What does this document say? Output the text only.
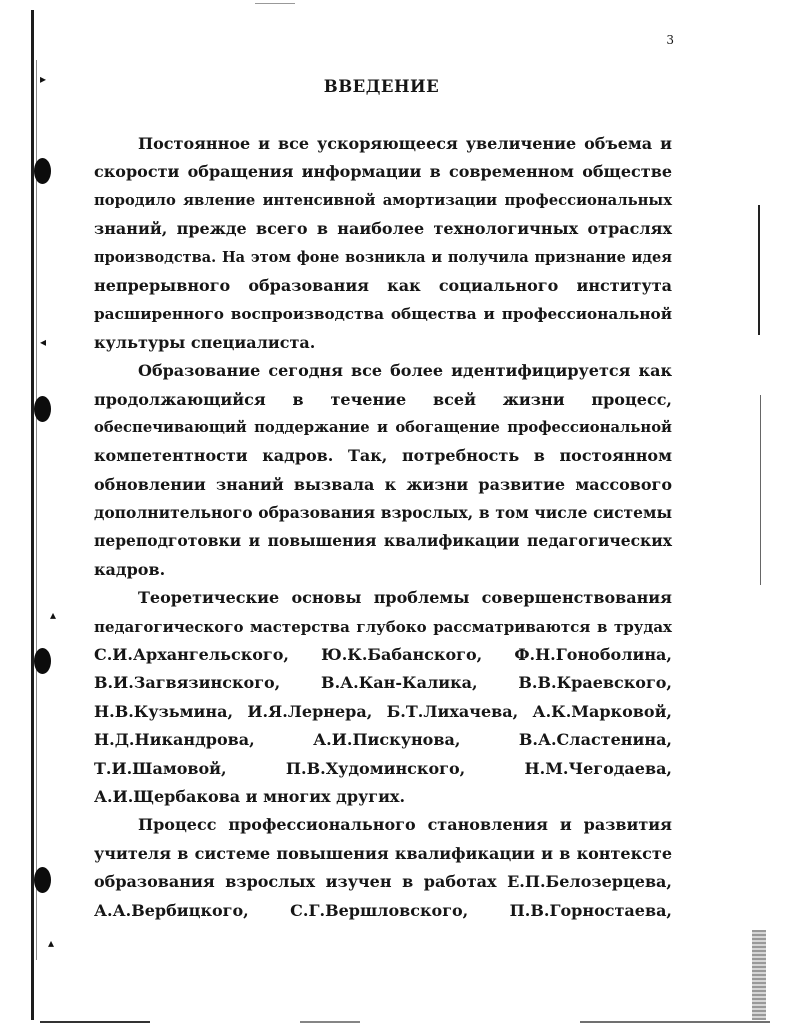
▸
◂
▴
▴
3
ВВЕДЕНИЕ

Постоянное и все ускоряющееся увеличение объема и
скорости обращения информации в современном обществе
породило явление интенсивной амортизации профессиональных
знаний, прежде всего в наиболее технологичных отраслях
производства. На этом фоне возникла и получила признание идея
непрерывного образования как социального института
расширенного воспроизводства общества и профессиональной
культуры специалиста.

Образование сегодня все более идентифицируется как
продолжающийся в течение всей жизни процесс,
обеспечивающий поддержание и обогащение профессиональной
компетентности кадров. Так, потребность в постоянном
обновлении знаний вызвала к жизни развитие массового
дополнительного образования взрослых, в том числе системы
переподготовки и повышения квалификации педагогических
кадров.

Теоретические основы проблемы совершенствования
педагогического мастерства глубоко рассматриваются в трудах
С.И.Архангельского, Ю.К.Бабанского, Ф.Н.Гоноболина,
В.И.Загвязинского, В.А.Кан-Калика, В.В.Краевского,
Н.В.Кузьмина, И.Я.Лернера, Б.Т.Лихачева, А.К.Марковой,
Н.Д.Никандрова, А.И.Пискунова, В.А.Сластенина,
Т.И.Шамовой, П.В.Худоминского, Н.М.Чегодаева,
А.И.Щербакова и многих других.

Процесс профессионального становления и развития
учителя в системе повышения квалификации и в контексте
образования взрослых изучен в работах Е.П.Белозерцева,
А.А.Вербицкого, С.Г.Вершловского, П.В.Горностаева,
